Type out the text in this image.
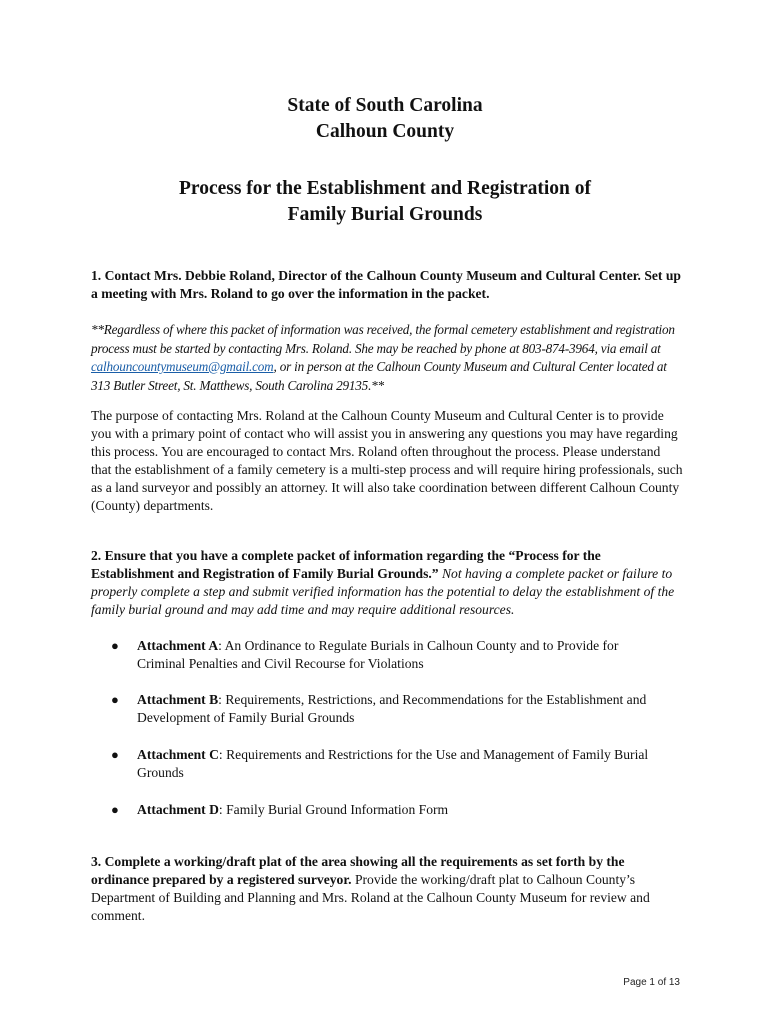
State of South Carolina
Calhoun County
Process for the Establishment and Registration of
Family Burial Grounds
1. Contact Mrs. Debbie Roland, Director of the Calhoun County Museum and Cultural Center. Set up a meeting with Mrs. Roland to go over the information in the packet.
**Regardless of where this packet of information was received, the formal cemetery establishment and registration process must be started by contacting Mrs. Roland. She may be reached by phone at 803-874-3964, via email at calhouncountymuseum@gmail.com, or in person at the Calhoun County Museum and Cultural Center located at 313 Butler Street, St. Matthews, South Carolina 29135.**
The purpose of contacting Mrs. Roland at the Calhoun County Museum and Cultural Center is to provide you with a primary point of contact who will assist you in answering any questions you may have regarding this process. You are encouraged to contact Mrs. Roland often throughout the process. Please understand that the establishment of a family cemetery is a multi-step process and will require hiring professionals, such as a land surveyor and possibly an attorney. It will also take coordination between different Calhoun County (County) departments.
2. Ensure that you have a complete packet of information regarding the “Process for the Establishment and Registration of Family Burial Grounds.” Not having a complete packet or failure to properly complete a step and submit verified information has the potential to delay the establishment of the family burial ground and may add time and may require additional resources.
● Attachment A: An Ordinance to Regulate Burials in Calhoun County and to Provide for Criminal Penalties and Civil Recourse for Violations
● Attachment B: Requirements, Restrictions, and Recommendations for the Establishment and Development of Family Burial Grounds
● Attachment C: Requirements and Restrictions for the Use and Management of Family Burial Grounds
● Attachment D: Family Burial Ground Information Form
3. Complete a working/draft plat of the area showing all the requirements as set forth by the ordinance prepared by a registered surveyor. Provide the working/draft plat to Calhoun County’s Department of Building and Planning and Mrs. Roland at the Calhoun County Museum for review and comment.
Page 1 of 13
